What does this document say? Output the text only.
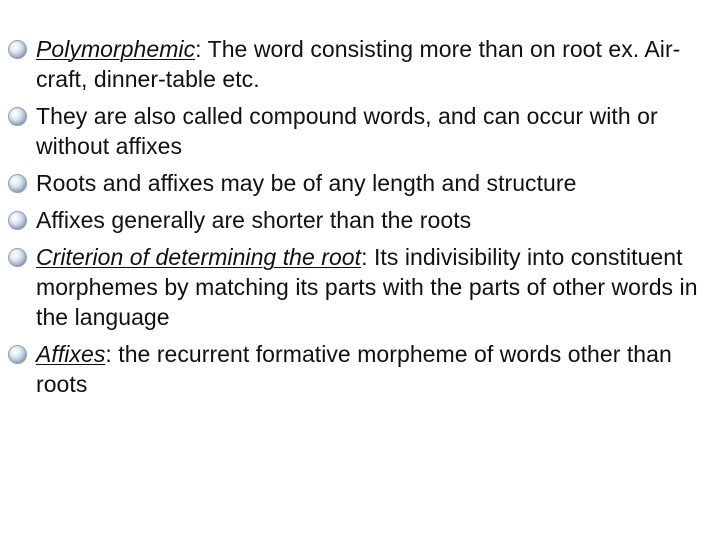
Polymorphemic: The word consisting more than on root ex. Air-craft, dinner-table etc.
They are also called compound words, and can occur with or without affixes
Roots and affixes may be of any length and structure
Affixes generally are shorter than the roots
Criterion of determining the root: Its indivisibility into constituent morphemes by matching its parts with the parts of other words in the language
Affixes: the recurrent formative morpheme of words other than roots
